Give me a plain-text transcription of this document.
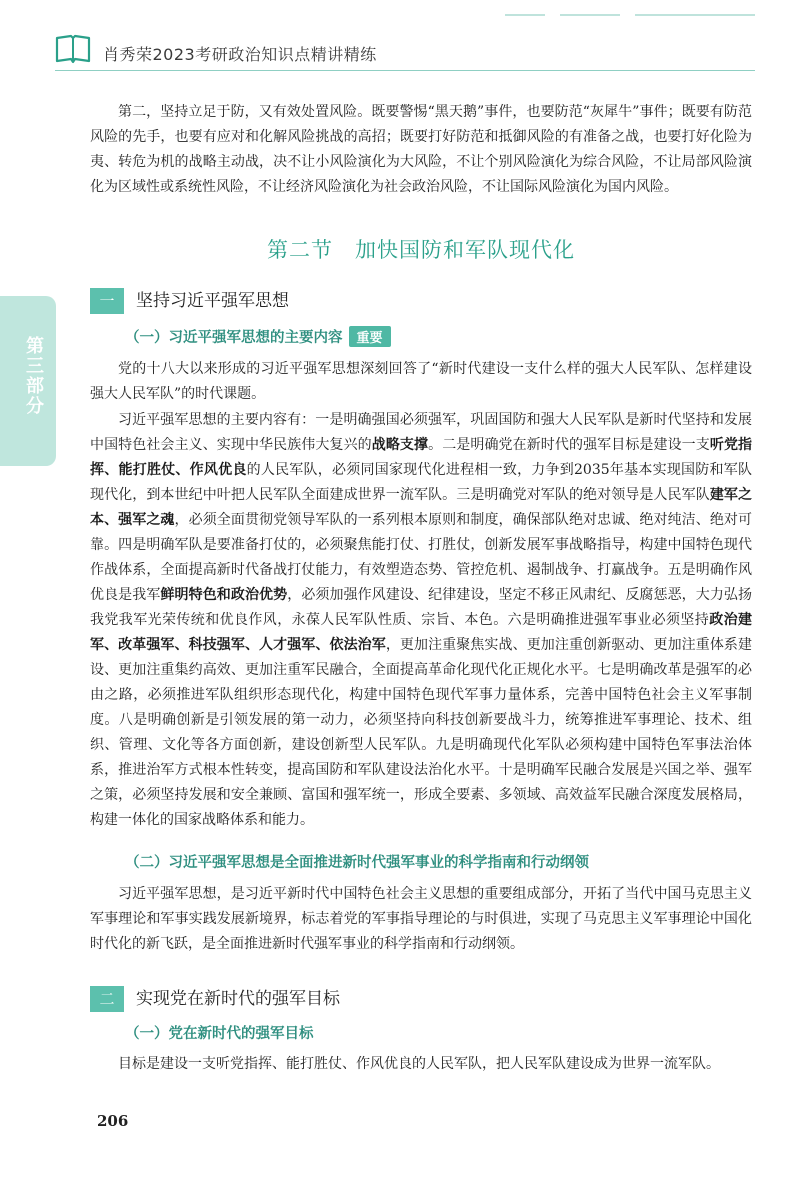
肖秀荣2023考研政治知识点精讲精练
第三部分

第二，坚持立足于防，又有效处置风险。既要警惕“黑天鹅”事件，也要防范“灰犀牛”事件；既要有防范风险的先手，也要有应对和化解风险挑战的高招；既要打好防范和抵御风险的有准备之战，也要打好化险为夷、转危为机的战略主动战，决不让小风险演化为大风险，不让个别风险演化为综合风险，不让局部风险演化为区域性或系统性风险，不让经济风险演化为社会政治风险，不让国际风险演化为国内风险。

第二节 加快国防和军队现代化
一	坚持习近平强军思想
（一）习近平强军思想的主要内容 重要

党的十八大以来形成的习近平强军思想深刻回答了“新时代建设一支什么样的强大人民军队、怎样建设强大人民军队”的时代课题。

习近平强军思想的主要内容有：一是明确强国必须强军，巩固国防和强大人民军队是新时代坚持和发展中国特色社会主义、实现中华民族伟大复兴的战略支撑。二是明确党在新时代的强军目标是建设一支听党指挥、能打胜仗、作风优良的人民军队，必须同国家现代化进程相一致，力争到2035年基本实现国防和军队现代化，到本世纪中叶把人民军队全面建成世界一流军队。三是明确党对军队的绝对领导是人民军队建军之本、强军之魂，必须全面贯彻党领导军队的一系列根本原则和制度，确保部队绝对忠诚、绝对纯洁、绝对可靠。四是明确军队是要准备打仗的，必须聚焦能打仗、打胜仗，创新发展军事战略指导，构建中国特色现代作战体系，全面提高新时代备战打仗能力，有效塑造态势、管控危机、遏制战争、打赢战争。五是明确作风优良是我军鲜明特色和政治优势，必须加强作风建设、纪律建设，坚定不移正风肃纪、反腐惩恶，大力弘扬我党我军光荣传统和优良作风，永葆人民军队性质、宗旨、本色。六是明确推进强军事业必须坚持政治建军、改革强军、科技强军、人才强军、依法治军，更加注重聚焦实战、更加注重创新驱动、更加注重体系建设、更加注重集约高效、更加注重军民融合，全面提高革命化现代化正规化水平。七是明确改革是强军的必由之路，必须推进军队组织形态现代化，构建中国特色现代军事力量体系，完善中国特色社会主义军事制度。八是明确创新是引领发展的第一动力，必须坚持向科技创新要战斗力，统筹推进军事理论、技术、组织、管理、文化等各方面创新，建设创新型人民军队。九是明确现代化军队必须构建中国特色军事法治体系，推进治军方式根本性转变，提高国防和军队建设法治化水平。十是明确军民融合发展是兴国之举、强军之策，必须坚持发展和安全兼顾、富国和强军统一，形成全要素、多领域、高效益军民融合深度发展格局，构建一体化的国家战略体系和能力。

（二）习近平强军思想是全面推进新时代强军事业的科学指南和行动纲领

习近平强军思想，是习近平新时代中国特色社会主义思想的重要组成部分，开拓了当代中国马克思主义军事理论和军事实践发展新境界，标志着党的军事指导理论的与时俱进，实现了马克思主义军事理论中国化时代化的新飞跃，是全面推进新时代强军事业的科学指南和行动纲领。

二	实现党在新时代的强军目标
（一）党在新时代的强军目标

目标是建设一支听党指挥、能打胜仗、作风优良的人民军队，把人民军队建设成为世界一流军队。

206
